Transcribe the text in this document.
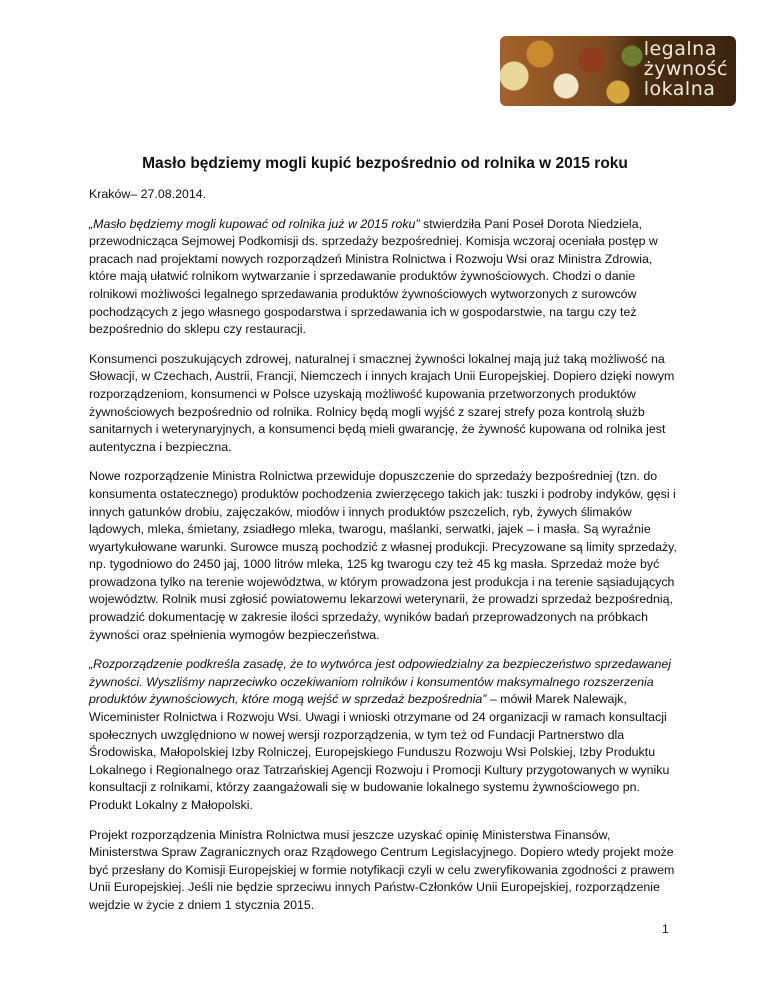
legalna
żywność
lokalna
Masło będziemy mogli kupić bezpośrednio od rolnika w 2015 roku

Kraków– 27.08.2014.

„Masło będziemy mogli kupować od rolnika już w 2015 roku” stwierdziła Pani Poseł Dorota Niedziela, przewodnicząca Sejmowej Podkomisji ds. sprzedaży bezpośredniej. Komisja wczoraj oceniała postęp w pracach nad projektami nowych rozporządzeń Ministra Rolnictwa i Rozwoju Wsi oraz Ministra Zdrowia, które mają ułatwić rolnikom wytwarzanie i sprzedawanie produktów żywnościowych. Chodzi o danie rolnikowi możliwości legalnego sprzedawania produktów żywnościowych wytworzonych z surowców pochodzących z jego własnego gospodarstwa i sprzedawania ich w gospodarstwie, na targu czy też bezpośrednio do sklepu czy restauracji.

Konsumenci poszukujących zdrowej, naturalnej i smacznej żywności lokalnej mają już taką możliwość na Słowacji, w Czechach, Austrii, Francji, Niemczech i innych krajach Unii Europejskiej. Dopiero dzięki nowym rozporządzeniom, konsumenci w Polsce uzyskają możliwość kupowania przetworzonych produktów żywnościowych bezpośrednio od rolnika. Rolnicy będą mogli wyjść z szarej strefy poza kontrolą służb sanitarnych i weterynaryjnych, a konsumenci będą mieli gwarancję, że żywność kupowana od rolnika jest autentyczna i bezpieczna.

Nowe rozporządzenie Ministra Rolnictwa przewiduje dopuszczenie do sprzedaży bezpośredniej (tzn. do konsumenta ostatecznego) produktów pochodzenia zwierzęcego takich jak: tuszki i podroby indyków, gęsi i innych gatunków drobiu, zajęczaków, miodów i innych produktów pszczelich, ryb, żywych ślimaków lądowych, mleka, śmietany, zsiadłego mleka, twarogu, maślanki, serwatki, jajek – i masła. Są wyraźnie wyartykułowane warunki. Surowce muszą pochodzić z własnej produkcji. Precyzowane są limity sprzedaży, np. tygodniowo do 2450 jaj, 1000 litrów mleka, 125 kg twarogu czy też 45 kg masła. Sprzedaż może być prowadzona tylko na terenie województwa, w którym prowadzona jest produkcja i na terenie sąsiadujących województw. Rolnik musi zgłosić powiatowemu lekarzowi weterynarii, że prowadzi sprzedaż bezpośrednią, prowadzić dokumentację w zakresie ilości sprzedaży, wyników badań przeprowadzonych na próbkach żywności oraz spełnienia wymogów bezpieczeństwa.

„Rozporządzenie podkreśla zasadę, że to wytwórca jest odpowiedzialny za bezpieczeństwo sprzedawanej żywności. Wyszliśmy naprzeciwko oczekiwaniom rolników i konsumentów maksymalnego rozszerzenia produktów żywnościowych, które mogą wejść w sprzedaż bezpośrednia” – mówił Marek Nalewajk, Wiceminister Rolnictwa i Rozwoju Wsi. Uwagi i wnioski otrzymane od 24 organizacji w ramach konsultacji społecznych uwzględniono w nowej wersji rozporządzenia, w tym też od Fundacji Partnerstwo dla Środowiska, Małopolskiej Izby Rolniczej, Europejskiego Funduszu Rozwoju Wsi Polskiej, Izby Produktu Lokalnego i Regionalnego oraz Tatrzańskiej Agencji Rozwoju i Promocji Kultury przygotowanych w wyniku konsultacji z rolnikami, którzy zaangażowali się w budowanie lokalnego systemu żywnościowego pn. Produkt Lokalny z Małopolski.

Projekt rozporządzenia Ministra Rolnictwa musi jeszcze uzyskać opinię Ministerstwa Finansów, Ministerstwa Spraw Zagranicznych oraz Rządowego Centrum Legislacyjnego. Dopiero wtedy projekt może być przesłany do Komisji Europejskiej w formie notyfikacji czyli w celu zweryfikowania zgodności z prawem Unii Europejskiej. Jeśli nie będzie sprzeciwu innych Państw-Członków Unii Europejskiej, rozporządzenie wejdzie w życie z dniem 1 stycznia 2015.

1
